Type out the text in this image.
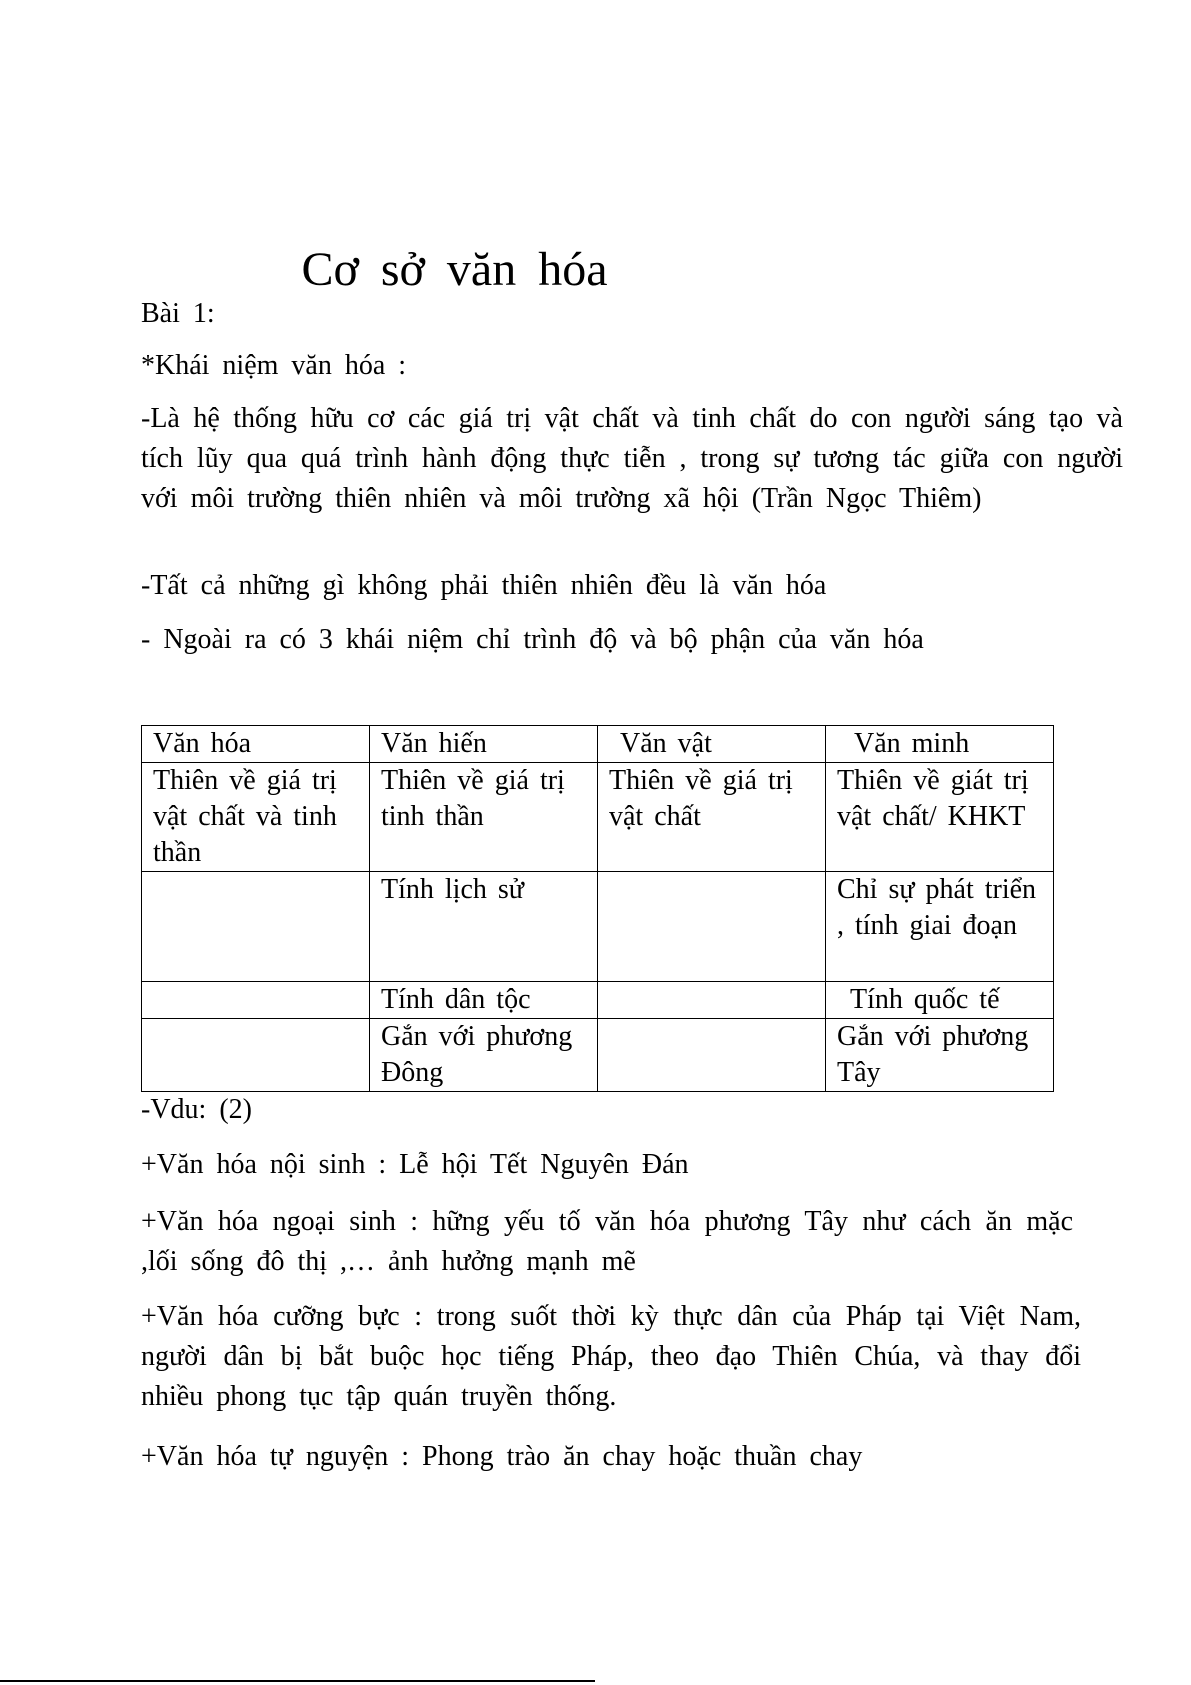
Cơ sở văn hóa

Bài 1:

*Khái niệm văn hóa :

-Là hệ thống hữu cơ các giá trị vật chất và tinh chất do con người sáng tạo và tích lũy qua quá trình hành động thực tiễn , trong sự tương tác giữa con người với môi trường thiên nhiên và môi trường xã hội (Trần Ngọc Thiêm)

-Tất cả những gì không phải thiên nhiên đều là văn hóa

- Ngoài ra có 3 khái niệm chỉ trình độ và bộ phận của văn hóa

Văn hóa	Văn hiến	Văn vật	Văn minh
Thiên về giá trị vật chất và tinh thần	Thiên về giá trị tinh thần	Thiên về giá trị vật chất	Thiên về giát trị vật chất/ KHKT
	Tính lịch sử		Chỉ sự phát triển , tính giai đoạn
	Tính dân tộc		Tính quốc tế
	Gắn với phương Đông		Gắn với phương Tây

-Vdu: (2)

+Văn hóa nội sinh : Lễ hội Tết Nguyên Đán

+Văn hóa ngoại sinh : hững yếu tố văn hóa phương Tây như cách ăn mặc ,lối sống đô thị ,… ảnh hưởng mạnh mẽ

+Văn hóa cưỡng bực : trong suốt thời kỳ thực dân của Pháp tại Việt Nam, người dân bị bắt buộc học tiếng Pháp, theo đạo Thiên Chúa, và thay đổi nhiều phong tục tập quán truyền thống.

+Văn hóa tự nguyện : Phong trào ăn chay hoặc thuần chay
